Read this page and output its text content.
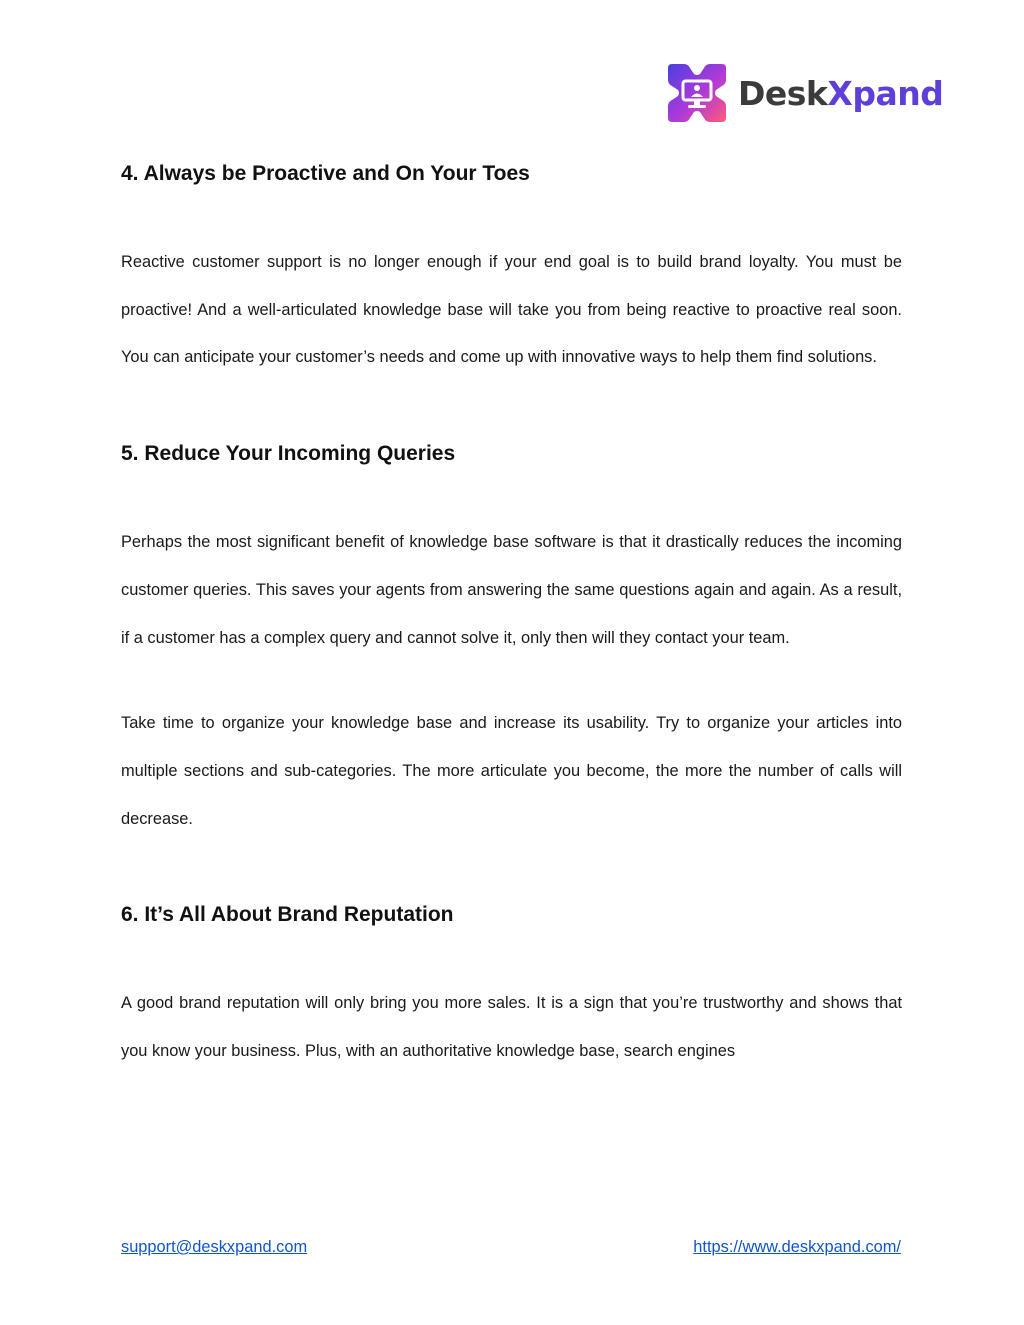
DeskXpand
4. Always be Proactive and On Your Toes

Reactive customer support is no longer enough if your end goal is to build brand loyalty. You must be proactive! And a well-articulated knowledge base will take you from being reactive to proactive real soon. You can anticipate your customer’s needs and come up with innovative ways to help them find solutions.

5. Reduce Your Incoming Queries

Perhaps the most significant benefit of knowledge base software is that it drastically reduces the incoming customer queries. This saves your agents from answering the same questions again and again. As a result, if a customer has a complex query and cannot solve it, only then will they contact your team.

Take time to organize your knowledge base and increase its usability. Try to organize your articles into multiple sections and sub-categories. The more articulate you become, the more the number of calls will decrease.

6. It’s All About Brand Reputation

A good brand reputation will only bring you more sales. It is a sign that you’re trustworthy and shows that you know your business. Plus, with an authoritative knowledge base, search engines

support@deskxpand.com	https://www.deskxpand.com/
